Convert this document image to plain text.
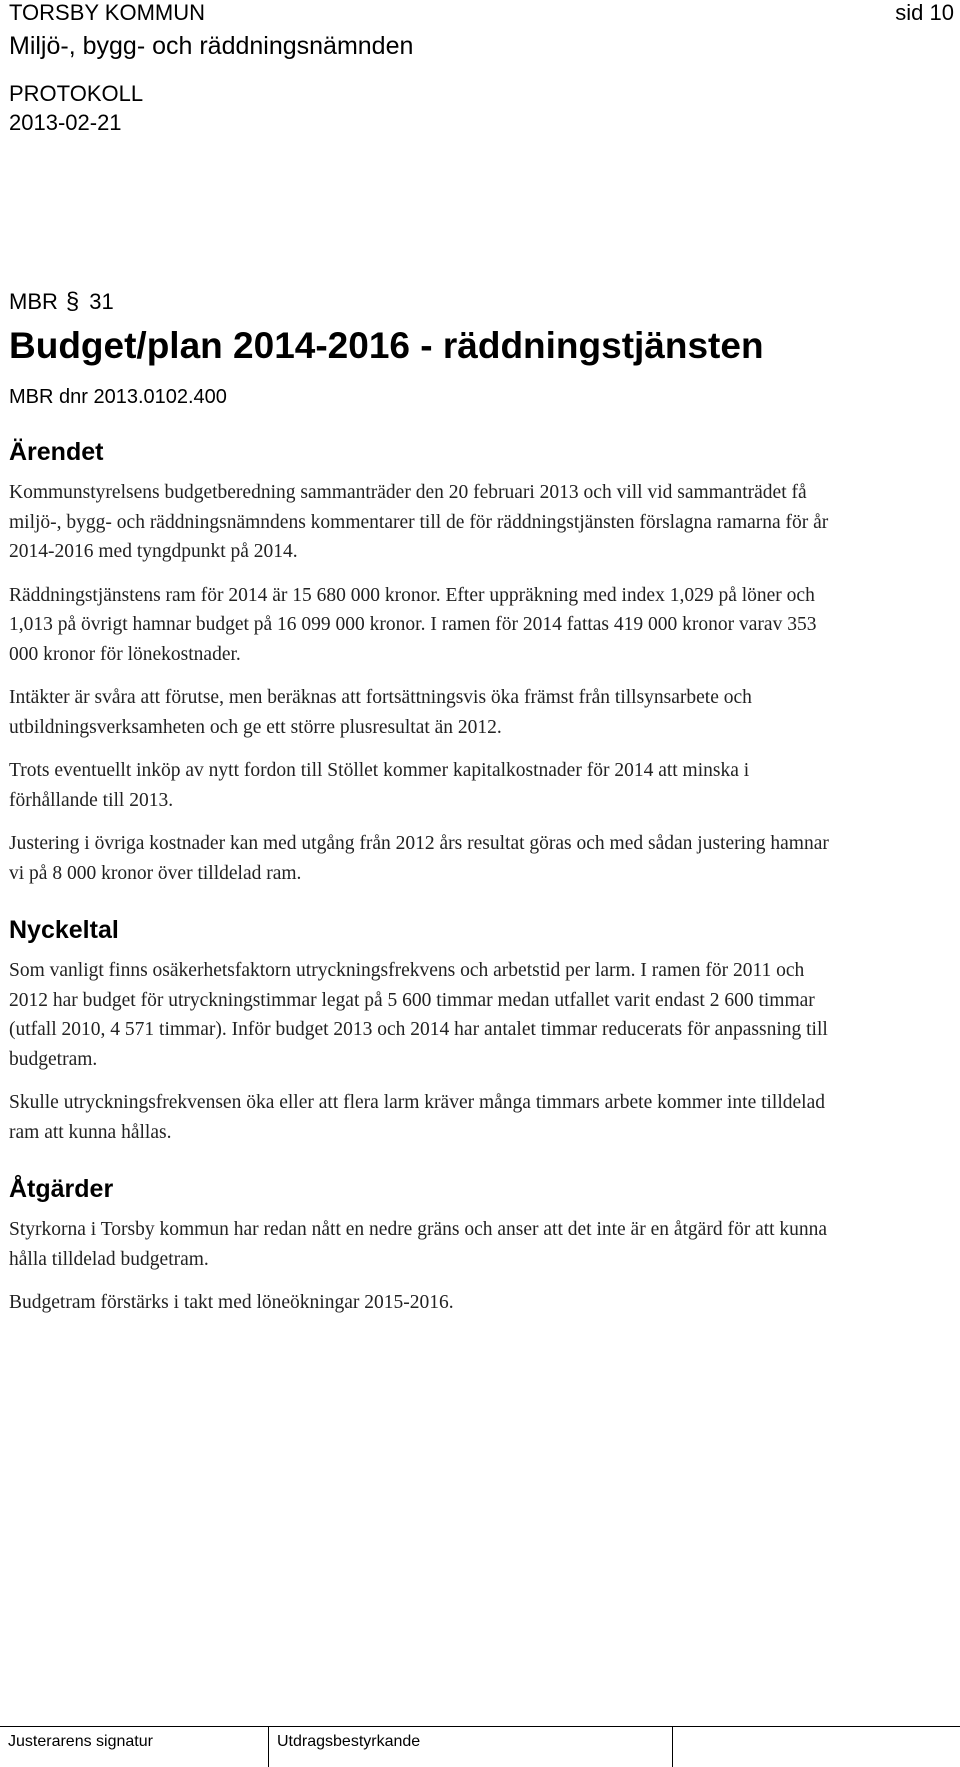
TORSBY KOMMUN
Miljö-, bygg- och räddningsnämnden
PROTOKOLL
2013-02-21
sid 10
MBR § 31
Budget/plan 2014-2016 - räddningstjänsten
MBR dnr 2013.0102.400
Ärendet

Kommunstyrelsens budgetberedning sammanträder den 20 februari 2013 och vill vid sammanträdet få miljö-, bygg- och räddningsnämndens kommentarer till de för räddningstjänsten förslagna ramarna för år 2014-2016 med tyngdpunkt på 2014.

Räddningstjänstens ram för 2014 är 15 680 000 kronor. Efter uppräkning med index 1,029 på löner och 1,013 på övrigt hamnar budget på 16 099 000 kronor. I ramen för 2014 fattas 419 000 kronor varav 353 000 kronor för lönekostnader.

Intäkter är svåra att förutse, men beräknas att fortsättningsvis öka främst från tillsynsarbete och utbildningsverksamheten och ge ett större plusresultat än 2012.

Trots eventuellt inköp av nytt fordon till Stöllet kommer kapitalkostnader för 2014 att minska i förhållande till 2013.

Justering i övriga kostnader kan med utgång från 2012 års resultat göras och med sådan justering hamnar vi på 8 000 kronor över tilldelad ram.

Nyckeltal

Som vanligt finns osäkerhetsfaktorn utryckningsfrekvens och arbetstid per larm. I ramen för 2011 och 2012 har budget för utryckningstimmar legat på 5 600 timmar medan utfallet varit endast 2 600 timmar (utfall 2010, 4 571 timmar). Inför budget 2013 och 2014 har antalet timmar reducerats för anpassning till budgetram.

Skulle utryckningsfrekvensen öka eller att flera larm kräver många timmars arbete kommer inte tilldelad ram att kunna hållas.

Åtgärder

Styrkorna i Torsby kommun har redan nått en nedre gräns och anser att det inte är en åtgärd för att kunna hålla tilldelad budgetram.

Budgetram förstärks i takt med löneökningar 2015-2016.

Justerarens signatur	Utdragsbestyrkande
